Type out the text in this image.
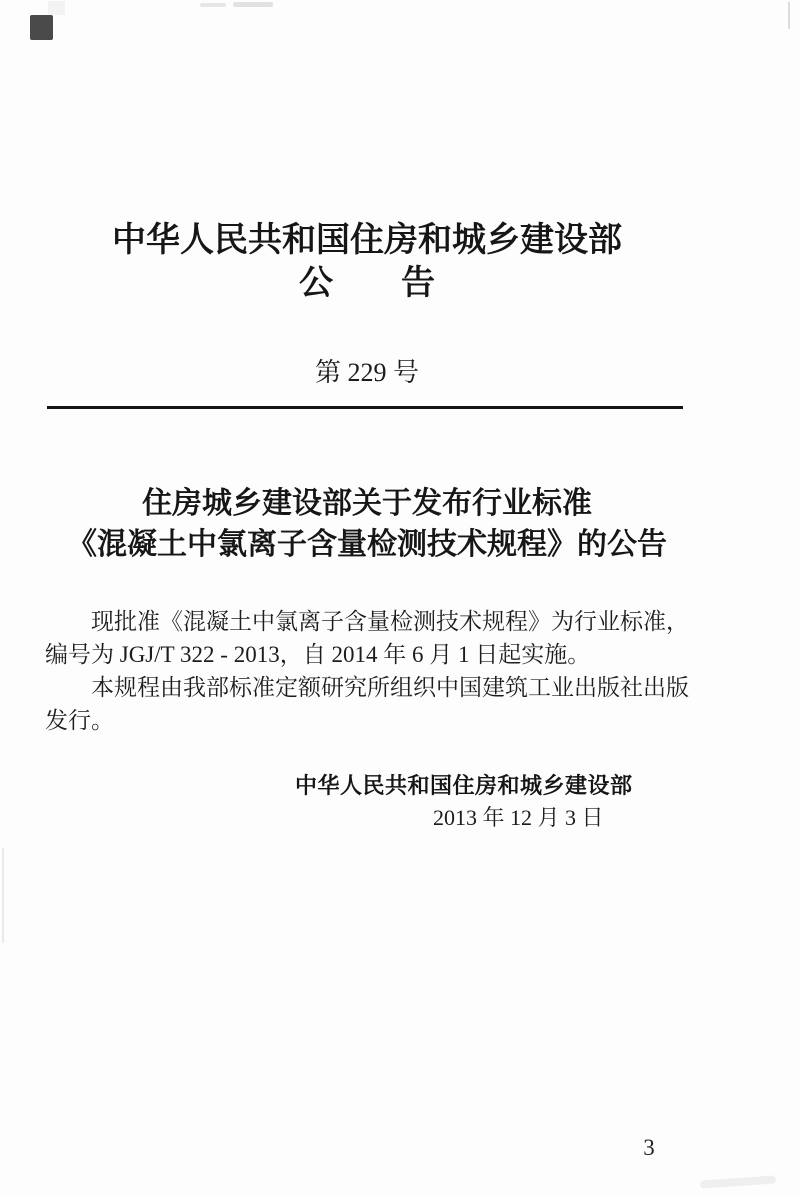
中华人民共和国住房和城乡建设部
公　　告
第 229 号
住房城乡建设部关于发布行业标准
《混凝土中氯离子含量检测技术规程》的公告
现批准《混凝土中氯离子含量检测技术规程》为行业标准，
编号为 JGJ/T 322 - 2013，自 2014 年 6 月 1 日起实施。
本规程由我部标准定额研究所组织中国建筑工业出版社出版
发行。
中华人民共和国住房和城乡建设部
2013 年 12 月 3 日
3
